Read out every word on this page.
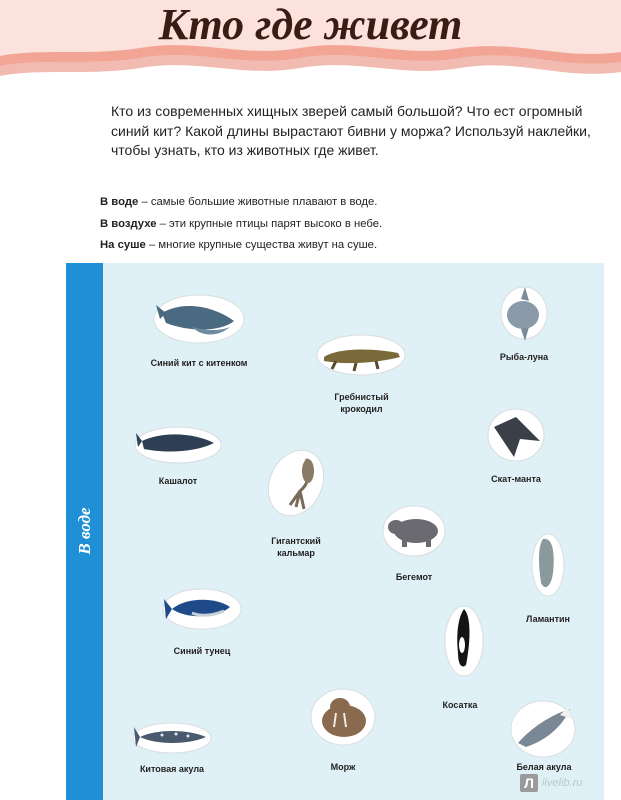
Кто где живет

Кто из современных хищных зверей самый большой? Что ест огромный синий кит? Какой длины вырастают бивни у моржа? Используй наклейки, чтобы узнать, кто из животных где живет.

В воде – самые большие животные плавают в воде.
В воздухе – эти крупные птицы парят высоко в небе.
На суше – многие крупные существа живут на суше.
В воде
Синий кит с китенком
Гребнистый крокодил
Рыба-луна
Кашалот	Скат-манта
Гигантский кальмар
Бегемот
Ламантин
Синий тунец
Косатка
Китовая акула	Морж	Белая акула
Л livelib.ru
